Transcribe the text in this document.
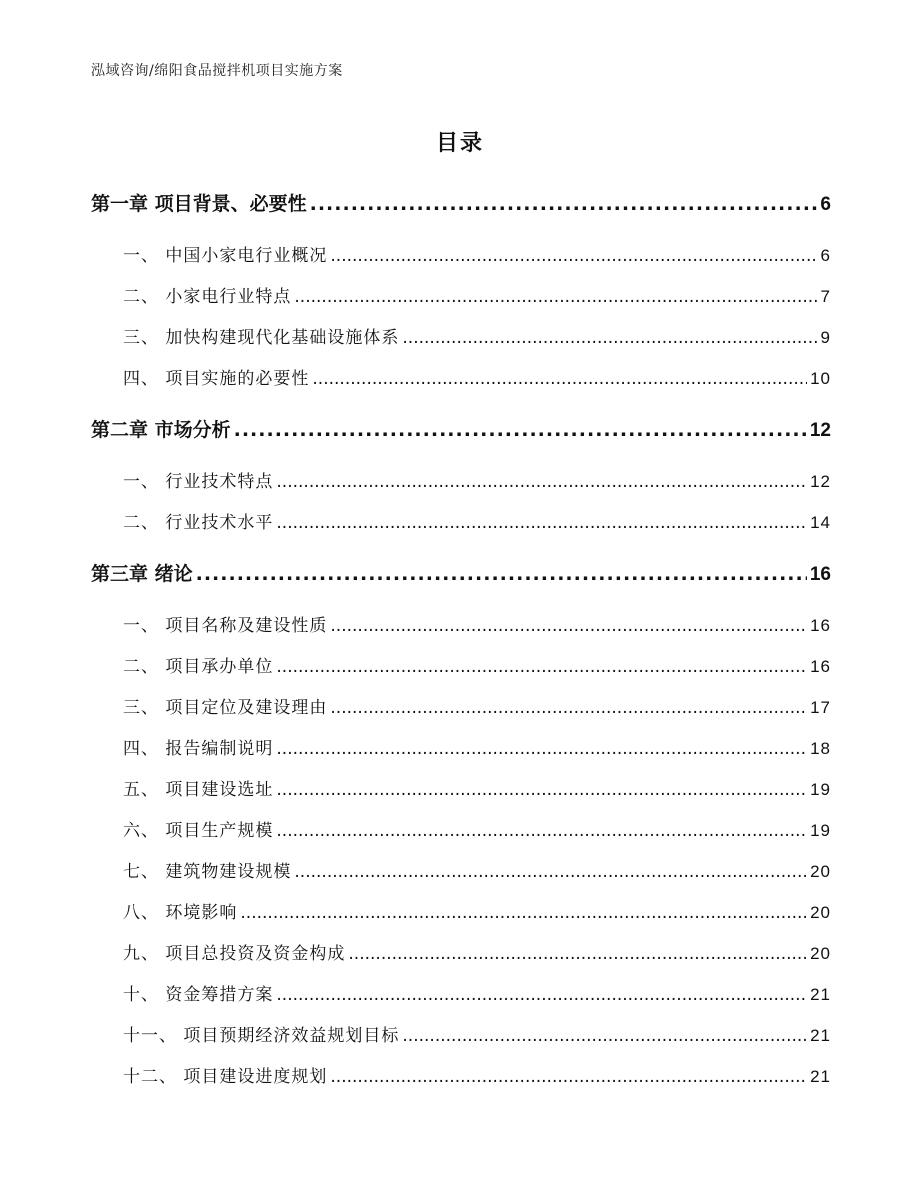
泓域咨询/绵阳食品搅拌机项目实施方案
目录
第一章 项目背景、必要性 .....	6
一、 中国小家电行业概况 .....	6
二、 小家电行业特点 .....	7
三、 加快构建现代化基础设施体系 .....	9
四、 项目实施的必要性 .....	10
第二章 市场分析 .....	12
一、 行业技术特点 .....	12
二、 行业技术水平 .....	14
第三章 绪论 .....	16
一、 项目名称及建设性质 .....	16
二、 项目承办单位 .....	16
三、 项目定位及建设理由 .....	17
四、 报告编制说明 .....	18
五、 项目建设选址 .....	19
六、 项目生产规模 .....	19
七、 建筑物建设规模 .....	20
八、 环境影响 .....	20
九、 项目总投资及资金构成 .....	20
十、 资金筹措方案 .....	21
十一、 项目预期经济效益规划目标 .....	21
十二、 项目建设进度规划 .....	21
